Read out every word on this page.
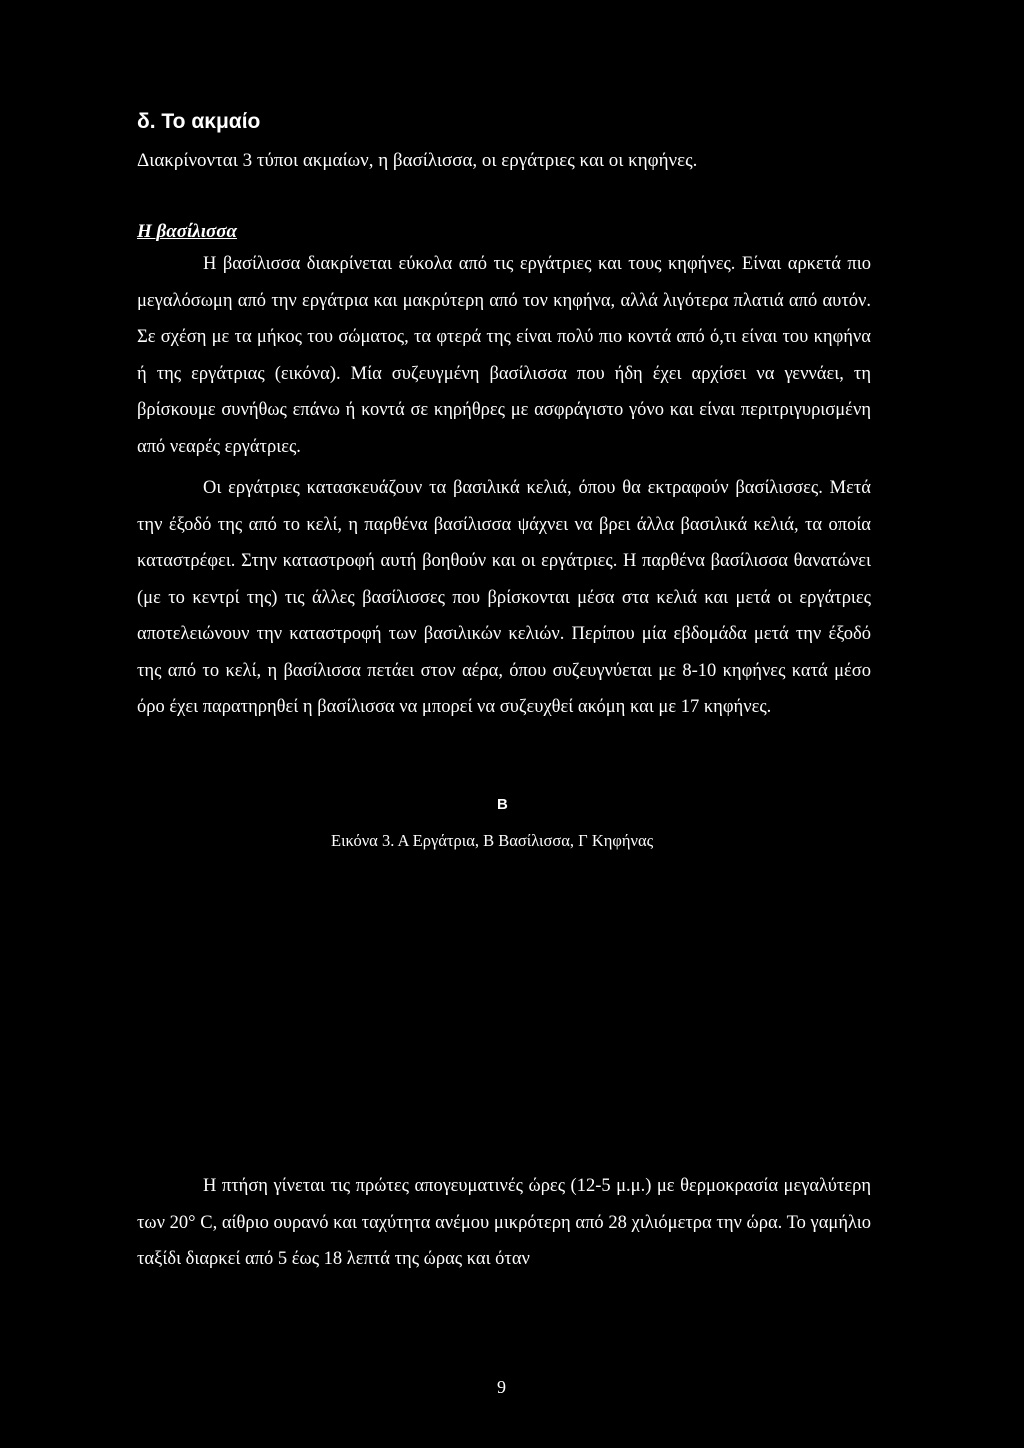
δ. Το ακμαίο

Διακρίνονται 3 τύποι ακμαίων, η βασίλισσα, οι εργάτριες και οι κηφήνες.

Η βασίλισσα

Η βασίλισσα διακρίνεται εύκολα από τις εργάτριες και τους κηφήνες. Είναι αρκετά πιο μεγαλόσωμη από την εργάτρια και μακρύτερη από τον κηφήνα, αλλά λιγότερα πλατιά από αυτόν. Σε σχέση με τα μήκος του σώματος, τα φτερά της είναι πολύ πιο κοντά από ό,τι είναι του κηφήνα ή της εργάτριας (εικόνα). Μία συζευγμένη βασίλισσα που ήδη έχει αρχίσει να γεννάει, τη βρίσκουμε συνήθως επάνω ή κοντά σε κηρήθρες με ασφράγιστο γόνο και είναι περιτριγυρισμένη από νεαρές εργάτριες.

Οι εργάτριες κατασκευάζουν τα βασιλικά κελιά, όπου θα εκτραφούν βασίλισσες. Μετά την έξοδό της από το κελί, η παρθένα βασίλισσα ψάχνει να βρει άλλα βασιλικά κελιά, τα οποία καταστρέφει. Στην καταστροφή αυτή βοηθούν και οι εργάτριες. Η παρθένα βασίλισσα θανατώνει (με το κεντρί της) τις άλλες βασίλισσες που βρίσκονται μέσα στα κελιά και μετά οι εργάτριες αποτελειώνουν την καταστροφή των βασιλικών κελιών. Περίπου μία εβδομάδα μετά την έξοδό της από το κελί, η βασίλισσα πετάει στον αέρα, όπου συζευγνύεται με 8-10 κηφήνες κατά μέσο όρο έχει παρατηρηθεί η βασίλισσα να μπορεί να συζευχθεί ακόμη και με 17 κηφήνες.

B

Εικόνα 3. Α Εργάτρια, Β Βασίλισσα, Γ Κηφήνας

Η πτήση γίνεται τις πρώτες απογευματινές ώρες (12-5 μ.μ.) με θερμοκρασία μεγαλύτερη των 20° C, αίθριο ουρανό και ταχύτητα ανέμου μικρότερη από 28 χιλιόμετρα την ώρα. Το γαμήλιο ταξίδι διαρκεί από 5 έως 18 λεπτά της ώρας και όταν

9
